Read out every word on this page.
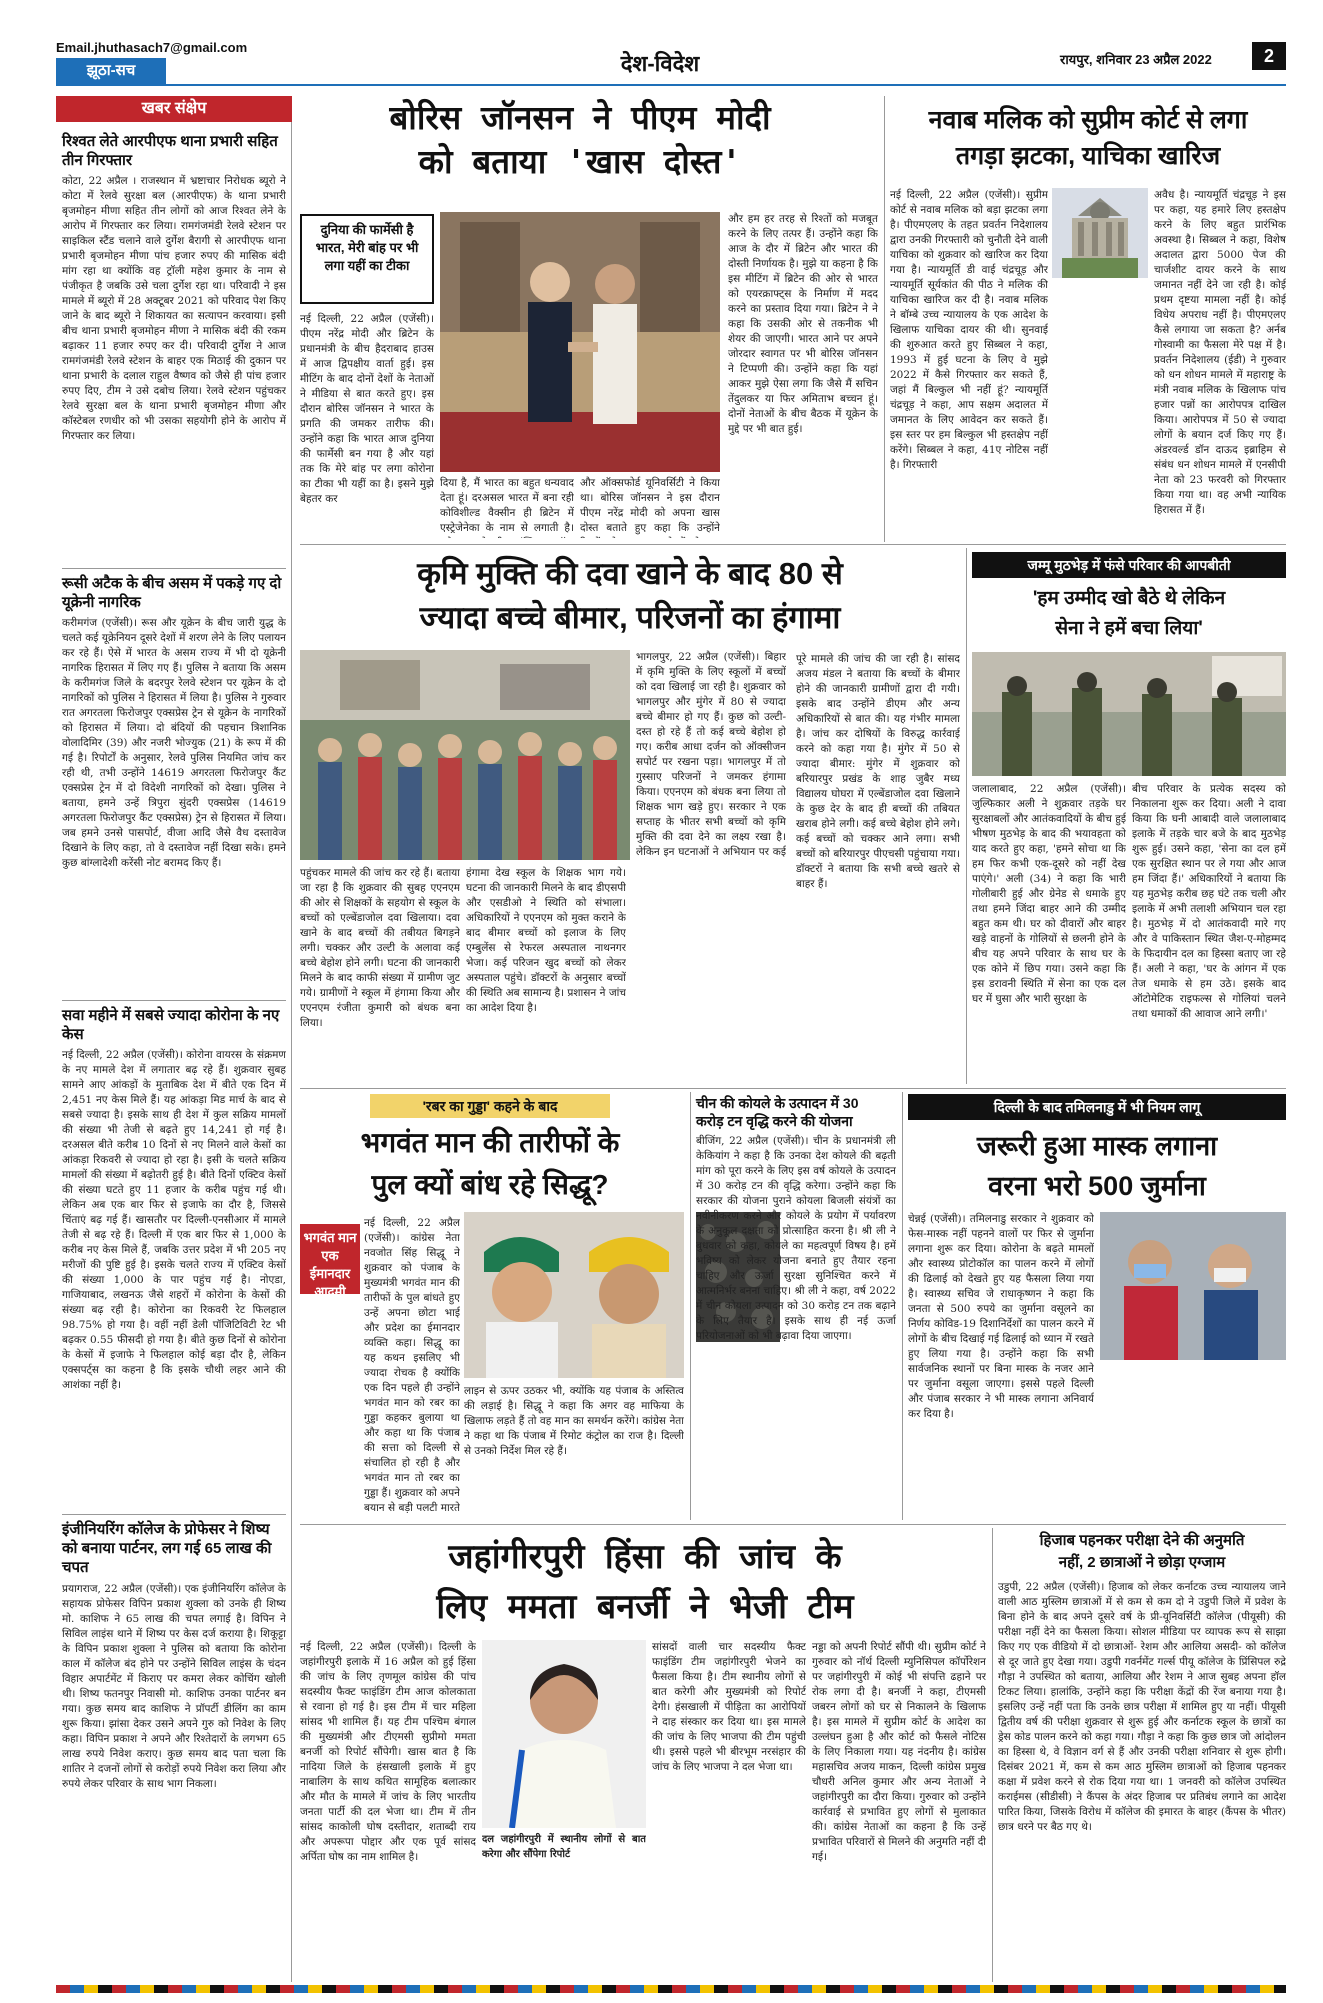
Email.jhuthasach7@gmail.com
झूठा-सच	देश-विदेश	रायपुर, शनिवार 23 अप्रैल 2022	2
खबर संक्षेप
रिश्वत लेते आरपीएफ थाना प्रभारी सहित तीन गिरफ्तार
कोटा, 22 अप्रैल । राजस्थान में भ्रष्टाचार निरोधक ब्यूरो ने कोटा में रेलवे सुरक्षा बल (आरपीएफ) के थाना प्रभारी बृजमोहन मीणा सहित तीन लोगों को आज रिश्वत लेने के आरोप में गिरफ्तार कर लिया। रामगंजमंडी रेलवे स्टेशन पर साइकिल स्टैंड चलाने वाले दुर्गेश बैरागी से आरपीएफ थाना प्रभारी बृजमोहन मीणा पांच हजार रुपए की मासिक बंदी मांग रहा था क्योंकि वह ट्रॉली महेश कुमार के नाम से पंजीकृत है जबकि उसे चला दुर्गेश रहा था। परिवादी ने इस मामले में ब्यूरो में 28 अक्टूबर 2021 को परिवाद पेश किए जाने के बाद ब्यूरो ने शिकायत का सत्यापन करवाया। इसी बीच थाना प्रभारी बृजमोहन मीणा ने मासिक बंदी की रकम बढ़ाकर 11 हजार रुपए कर दी। परिवादी दुर्गेश ने आज रामगंजमंडी रेलवे स्टेशन के बाहर एक मिठाई की दुकान पर थाना प्रभारी के दलाल राहुल वैष्णव को जैसे ही पांच हजार रुपए दिए, टीम ने उसे दबोच लिया। रेलवे स्टेशन पहुंचकर रेलवे सुरक्षा बल के थाना प्रभारी बृजमोहन मीणा और कॉस्टेबल रणधीर को भी उसका सहयोगी होने के आरोप में गिरफ्तार कर लिया।
रूसी अटैक के बीच असम में पकड़े गए दो यूक्रेनी नागरिक
करीमगंज (एजेंसी)। रूस और यूक्रेन के बीच जारी युद्ध के चलते कई यूक्रेनियन दूसरे देशों में शरण लेने के लिए पलायन कर रहे हैं। ऐसे में भारत के असम राज्य में भी दो यूक्रेनी नागरिक हिरासत में लिए गए हैं। पुलिस ने बताया कि असम के करीमगंज जिले के बदरपुर रेलवे स्टेशन पर यूक्रेन के दो नागरिकों को पुलिस ने हिरासत में लिया है। पुलिस ने गुरुवार रात अगरतला फिरोजपुर एक्सप्रेस ट्रेन से यूक्रेन के नागरिकों को हिरासत में लिया। दो बंदियों की पहचान त्रिशानिक वोलादिमिर (39) और नजरी भोज्युक (21) के रूप में की गई है। रिपोर्टों के अनुसार, रेलवे पुलिस नियमित जांच कर रही थी, तभी उन्होंने 14619 अगरतला फिरोजपुर कैंट एक्सप्रेस ट्रेन में दो विदेशी नागरिकों को देखा। पुलिस ने बताया, हमने उन्हें त्रिपुरा सुंदरी एक्सप्रेस (14619 अगरतला फिरोजपुर कैंट एक्सप्रेस) ट्रेन से हिरासत में लिया। जब हमने उनसे पासपोर्ट, वीजा आदि जैसे वैध दस्तावेज दिखाने के लिए कहा, तो वे दस्तावेज नहीं दिखा सके। हमने कुछ बांग्लादेशी करेंसी नोट बरामद किए हैं।
सवा महीने में सबसे ज्यादा कोरोना के नए केस
नई दिल्ली, 22 अप्रैल (एजेंसी)। कोरोना वायरस के संक्रमण के नए मामले देश में लगातार बढ़ रहे हैं। शुक्रवार सुबह सामने आए आंकड़ों के मुताबिक देश में बीते एक दिन में 2,451 नए केस मिले हैं। यह आंकड़ा मिड मार्च के बाद से सबसे ज्यादा है। इसके साथ ही देश में कुल सक्रिय मामलों की संख्या भी तेजी से बढ़ते हुए 14,241 हो गई है। दरअसल बीते करीब 10 दिनों से नए मिलने वाले केसों का आंकड़ा रिकवरी से ज्यादा हो रहा है। इसी के चलते सक्रिय मामलों की संख्या में बढ़ोतरी हुई है। बीते दिनों एक्टिव केसों की संख्या घटते हुए 11 हजार के करीब पहुंच गई थी। लेकिन अब एक बार फिर से इजाफे का दौर है, जिससे चिंताएं बढ़ गई हैं। खासतौर पर दिल्ली-एनसीआर में मामले तेजी से बढ़ रहे हैं। दिल्ली में एक बार फिर से 1,000 के करीब नए केस मिले हैं, जबकि उत्तर प्रदेश में भी 205 नए मरीजों की पुष्टि हुई है। इसके चलते राज्य में एक्टिव केसों की संख्या 1,000 के पार पहुंच गई है। नोएडा, गाजियाबाद, लखनऊ जैसे शहरों में कोरोना के केसों की संख्या बढ़ रही है। कोरोना का रिकवरी रेट फिलहाल 98.75% हो गया है। वहीं नहीं डेली पॉजिटिविटी रेट भी बढ़कर 0.55 फीसदी हो गया है। बीते कुछ दिनों से कोरोना के केसों में इजाफे ने फिलहाल कोई बड़ा दौर है, लेकिन एक्सपर्ट्स का कहना है कि इसके चौथी लहर आने की आशंका नहीं है।
इंजीनियरिंग कॉलेज के प्रोफेसर ने शिष्य को बनाया पार्टनर, लग गई 65 लाख की चपत
प्रयागराज, 22 अप्रैल (एजेंसी)। एक इंजीनियरिंग कॉलेज के सहायक प्रोफेसर विपिन प्रकाश शुक्ला को उनके ही शिष्य मो. काशिफ ने 65 लाख की चपत लगाई है। विपिन ने सिविल लाइंस थाने में शिष्य पर केस दर्ज कराया है। शिकूट्टा के विपिन प्रकाश शुक्ला ने पुलिस को बताया कि कोरोना काल में कॉलेज बंद होने पर उन्होंने सिविल लाइंस के चंदन विहार अपार्टमेंट में किराए पर कमरा लेकर कोचिंग खोली थी। शिष्य फतनपुर निवासी मो. काशिफ उनका पार्टनर बन गया। कुछ समय बाद काशिफ ने प्रॉपर्टी डीलिंग का काम शुरू किया। झांसा देकर उसने अपने गुरु को निवेश के लिए कहा। विपिन प्रकाश ने अपने और रिश्तेदारों के लगभग 65 लाख रुपये निवेश कराए। कुछ समय बाद पता चला कि शातिर ने दजनों लोगों से करोड़ों रुपये निवेश करा लिया और रुपये लेकर परिवार के साथ भाग निकला।
बोरिस जॉनसन ने पीएम मोदी
को बताया 'खास दोस्त'
दुनिया की फार्मेसी है भारत, मेरी बांह पर भी लगा यहीं का टीका
नई दिल्ली, 22 अप्रैल (एजेंसी)। पीएम नरेंद्र मोदी और ब्रिटेन के प्रधानमंत्री के बीच हैदराबाद हाउस में आज द्विपक्षीय वार्ता हुई। इस मीटिंग के बाद दोनों देशों के नेताओं ने मीडिया से बात करते हुए। इस दौरान बोरिस जॉनसन ने भारत के प्रगति की जमकर तारीफ की। उन्होंने कहा कि भारत आज दुनिया की फार्मेसी बन गया है और यहां तक कि मेरे बांह पर लगा कोरोना का टीका भी यहीं का है। इसने मुझे बेहतर कर
दिया है, मैं भारत का बहुत धन्यवाद देता हूं। दरअसल भारत में बना रही कोविशील्ड वैक्सीन ही ब्रिटेन में एस्ट्रेजेनेका के नाम से लगाती है।
और ऑक्सफोर्ड यूनिवर्सिटी ने किया था। बोरिस जॉनसन ने इस दौरान पीएम नरेंद्र मोदी को अपना खास दोस्त बताते हुए कहा कि उन्होंने
और हम हर तरह से रिश्तों को मजबूत करने के लिए तत्पर हैं। उन्होंने कहा कि आज के दौर में ब्रिटेन और भारत की दोस्ती निर्णायक है। मुझे या कहना है कि इस मीटिंग में ब्रिटेन की ओर से भारत को एयरक्राफ्ट्स के निर्माण में मदद करने का प्रस्ताव दिया गया। ब्रिटेन ने ने कहा कि उसकी ओर से तकनीक भी शेयर की जाएगी। भारत आने पर अपने जोरदार स्वागत पर भी बोरिस जॉनसन ने टिप्पणी की। उन्होंने कहा कि यहां आकर मुझे ऐसा लगा कि जैसे मैं सचिन तेंदुलकर या फिर अमिताभ बच्चन हूं। दोनों नेताओं के बीच बैठक में यूक्रेन के मुद्दे पर भी बात हुई।
नवाब मलिक को सुप्रीम कोर्ट से लगा
तगड़ा झटका, याचिका खारिज
नई दिल्ली, 22 अप्रैल (एजेंसी)। सुप्रीम कोर्ट से नवाब मलिक को बड़ा झटका लगा है। पीएमएलए के तहत प्रवर्तन निदेशालय द्वारा उनकी गिरफ्तारी को चुनौती देने वाली याचिका को शुक्रवार को खारिज कर दिया गया है। न्यायमूर्ति डी वाई चंद्रचूड़ और न्यायमूर्ति सूर्यकांत की पीठ ने मलिक की याचिका खारिज कर दी है। नवाब मलिक ने बॉम्बे उच्च न्यायालय के एक आदेश के खिलाफ याचिका दायर की थी। सुनवाई की शुरुआत करते हुए सिब्बल ने कहा, 1993 में हुई घटना के लिए वे मुझे 2022 में कैसे गिरफ्तार कर सकते हैं, जहां मैं बिल्कुल भी नहीं हूं? न्यायमूर्ति चंद्रचूड़ ने कहा, आप सक्षम अदालत में जमानत के लिए आवेदन कर सकते हैं। इस स्तर पर हम बिल्कुल भी हस्तक्षेप नहीं करेंगे। सिब्बल ने कहा, 41ए नोटिस नहीं है। गिरफ्तारी
अवैध है। न्यायमूर्ति चंद्रचूड़ ने इस पर कहा, यह हमारे लिए हस्तक्षेप करने के लिए बहुत प्रारंभिक अवस्था है। सिब्बल ने कहा, विशेष अदालत द्वारा 5000 पेज की चार्जशीट दायर करने के साथ जमानत नहीं देने जा रही है। कोई प्रथम दृष्टया मामला नहीं है। कोई विधेय अपराध नहीं है। पीएमएलए कैसे लगाया जा सकता है? अर्नब गोस्वामी का फैसला मेरे पक्ष में है। प्रवर्तन निदेशालय (ईडी) ने गुरुवार को धन शोधन मामले में महाराष्ट्र के मंत्री नवाब मलिक के खिलाफ पांच हजार पन्नों का आरोपपत्र दाखिल किया। आरोपपत्र में 50 से ज्यादा लोगों के बयान दर्ज किए गए हैं। अंडरवर्ल्ड डॉन दाऊद इब्राहिम से संबंध धन शोधन मामले में एनसीपी नेता को 23 फरवरी को गिरफ्तार किया गया था। वह अभी न्यायिक हिरासत में हैं।
कृमि मुक्ति की दवा खाने के बाद 80 से
ज्यादा बच्चे बीमार, परिजनों का हंगामा
भागलपुर, 22 अप्रैल (एजेंसी)। बिहार में कृमि मुक्ति के लिए स्कूलों में बच्चों को दवा खिलाई जा रही है। शुक्रवार को भागलपुर और मुंगेर में 80 से ज्यादा बच्चे बीमार हो गए हैं। कुछ को उल्टी-दस्त हो रहे हैं तो कई बच्चे बेहोश हो गए। करीब आधा दर्जन को ऑक्सीजन सपोर्ट पर रखना पड़ा। भागलपुर में तो गुस्साए परिजनों ने जमकर हंगामा किया। एएनएम को बंधक बना लिया तो शिक्षक भाग खड़े हुए। सरकार ने एक सप्ताह के भीतर सभी बच्चों को कृमि मुक्ति की दवा देने का लक्ष्य रखा है। लेकिन इन घटनाओं ने अभियान पर कई
पहुंचकर मामले की जांच कर रहे हैं। बताया जा रहा है कि शुक्रवार की सुबह एएनएम की ओर से शिक्षकों के सहयोग से स्कूल के बच्चों को एल्बेंडाजोल दवा खिलाया। दवा खाने के बाद बच्चों की तबीयत बिगड़ने लगी। चक्कर और उल्टी के अलावा कई बच्चे बेहोश होने लगी। घटना की जानकारी मिलने के बाद काफी संख्या में ग्रामीण जुट गये। ग्रामीणों ने स्कूल में हंगामा किया और एएनएम रंजीता कुमारी को बंधक बना लिया।
हंगामा देख स्कूल के शिक्षक भाग गये। घटना की जानकारी मिलने के बाद डीएसपी और एसडीओ ने स्थिति को संभाला। अधिकारियों ने एएनएम को मुक्त कराने के बाद बीमार बच्चों को इलाज के लिए एम्बुलेंस से रेफरल अस्पताल नाथनगर भेजा। कई परिजन खुद बच्चों को लेकर अस्पताल पहुंचे। डॉक्टरों के अनुसार बच्चों की स्थिति अब सामान्य है। प्रशासन ने जांच का आदेश दिया है।
पूरे मामले की जांच की जा रही है। सांसद अजय मंडल ने बताया कि बच्चों के बीमार होने की जानकारी ग्रामीणों द्वारा दी गयी। इसके बाद उन्होंने डीएम और अन्य अधिकारियों से बात की। यह गंभीर मामला है। जांच कर दोषियों के विरुद्ध कार्रवाई करने को कहा गया है। मुंगेर में 50 से ज्यादा बीमार: मुंगेर में शुक्रवार को बरियारपुर प्रखंड के शाह जुबैर मध्य विद्यालय घोघरा में एल्बेंडाजोल दवा खिलाने के कुछ देर के बाद ही बच्चों की तबियत खराब होने लगी। कई बच्चे बेहोश होने लगे। कई बच्चों को चक्कर आने लगा। सभी बच्चों को बरियारपुर पीएचसी पहुंचाया गया। डॉक्टरों ने बताया कि सभी बच्चे खतरे से बाहर हैं।
जम्मू मुठभेड़ में फंसे परिवार की आपबीती
'हम उम्मीद खो बैठे थे लेकिन
सेना ने हमें बचा लिया'
जलालाबाद, 22 अप्रैल (एजेंसी)। जुल्फिकार अली ने शुक्रवार तड़के घर सुरक्षाबलों और आतंकवादियों के बीच हुई भीषण मुठभेड़ के बाद की भयावहता को याद करते हुए कहा, 'हमने सोचा था कि हम फिर कभी एक-दूसरे को नहीं देख पाएंगे।' अली (34) ने कहा कि भारी गोलीबारी हुई और ग्रेनेड से धमाके हुए तथा हमने जिंदा बाहर आने की उम्मीद बहुत कम थी। घर को दीवारों और बाहर खड़े वाहनों के गोलियों से छलनी होने के बीच यह अपने परिवार के साथ घर के एक कोने में छिप गया। उसने कहा कि इस डरावनी स्थिति में सेना का एक दल घर में घुसा और भारी सुरक्षा के
बीच परिवार के प्रत्येक सदस्य को निकालना शुरू कर दिया। अली ने दावा किया कि घनी आबादी वाले जलालाबाद इलाके में तड़के चार बजे के बाद मुठभेड़ शुरू हुई। उसने कहा, 'सेना का दल हमें एक सुरक्षित स्थान पर ले गया और आज हम जिंदा हैं।' अधिकारियों ने बताया कि यह मुठभेड़ करीब छह घंटे तक चली और इलाके में अभी तलाशी अभियान चल रहा है। मुठभेड़ में दो आतंकवादी मारे गए और वे पाकिस्तान स्थित जैश-ए-मोहम्मद के फिदायीन दल का हिस्सा बताए जा रहे हैं। अली ने कहा, 'घर के आंगन में एक तेज धमाके से हम उठे। इसके बाद ऑटोमेटिक राइफल्स से गोलियां चलने तथा धमाकों की आवाज आने लगी।'
'रबर का गुड्डा' कहने के बाद
भगवंत मान की तारीफों के
पुल क्यों बांध रहे सिद्धू?
भगवंत मान एक ईमानदार आदमी
नई दिल्ली, 22 अप्रैल (एजेंसी)। कांग्रेस नेता नवजोत सिंह सिद्धू ने शुक्रवार को पंजाब के मुख्यमंत्री भगवंत मान की तारीफों के पुल बांधते हुए उन्हें अपना छोटा भाई और प्रदेश का ईमानदार व्यक्ति कहा। सिद्धू का यह कथन इसलिए भी ज्यादा रोचक है क्योंकि एक दिन पहले ही उन्होंने भगवंत मान को रबर का गुड्डा कहकर बुलाया था और कहा था कि पंजाब की सत्ता को दिल्ली से संचालित हो रही है और भगवंत मान तो रबर का गुड्डा हैं। शुक्रवार को अपने बयान से बड़ी पलटी मारते
लाइन से ऊपर उठकर भी, क्योंकि यह पंजाब के अस्तित्व की लड़ाई है। सिद्धू ने कहा कि अगर वह माफिया के खिलाफ लड़ते हैं तो वह मान का समर्थन करेंगे। कांग्रेस नेता ने कहा था कि पंजाब में रिमोट कंट्रोल का राज है। दिल्ली से उनको निर्देश मिल रहे हैं।
चीन की कोयले के उत्पादन में 30
करोड़ टन वृद्धि करने की योजना
बीजिंग, 22 अप्रैल (एजेंसी)। चीन के प्रधानमंत्री ली केकियांग ने कहा है कि उनका देश कोयले की बढ़ती मांग को पूरा करने के लिए इस वर्ष कोयले के उत्पादन में 30 करोड़ टन की वृद्धि करेगा। उन्होंने कहा कि सरकार की योजना पुराने कोयला बिजली संयंत्रों का नवीनीकरण करने और कोयले के प्रयोग में पर्यावरण के अनुकूल दक्षता को प्रोत्साहित करना है। श्री ली ने बुधवार को कहा, कोयले का महत्वपूर्ण विषय है। हमें भविष्य को लेकर योजना बनाते हुए तैयार रहना चाहिए और ऊर्जा सुरक्षा सुनिश्चित करने में आत्मनिर्भर बनना चाहिए। श्री ली ने कहा, वर्ष 2022 में चीन कोयला उत्पादन को 30 करोड़ टन तक बढ़ाने के लिए तैयार है। इसके साथ ही नई ऊर्जा परियोजनाओं को भी बढ़ावा दिया जाएगा।
दिल्ली के बाद तमिलनाडु में भी नियम लागू
जरूरी हुआ मास्क लगाना
वरना भरो 500 जुर्माना
चेन्नई (एजेंसी)। तमिलनाडु सरकार ने शुक्रवार को फेस-मास्क नहीं पहनने वालों पर फिर से जुर्माना लगाना शुरू कर दिया। कोरोना के बढ़ते मामलों और स्वास्थ्य प्रोटोकॉल का पालन करने में लोगों की ढिलाई को देखते हुए यह फैसला लिया गया है। स्वास्थ्य सचिव जे राधाकृष्णन ने कहा कि जनता से 500 रुपये का जुर्माना वसूलने का निर्णय कोविड-19 दिशानिर्देशों का पालन करने में लोगों के बीच दिखाई गई ढिलाई को ध्यान में रखते हुए लिया गया है। उन्होंने कहा कि सभी सार्वजनिक स्थानों पर बिना मास्क के नजर आने पर जुर्माना वसूला जाएगा। इससे पहले दिल्ली और पंजाब सरकार ने भी मास्क लगाना अनिवार्य कर दिया है।
जहांगीरपुरी हिंसा की जांच के
लिए ममता बनर्जी ने भेजी टीम
नई दिल्ली, 22 अप्रैल (एजेंसी)। दिल्ली के जहांगीरपुरी इलाके में 16 अप्रैल को हुई हिंसा की जांच के लिए तृणमूल कांग्रेस की पांच सदस्यीय फैक्ट फाइंडिंग टीम आज कोलकाता से रवाना हो गई है। इस टीम में चार महिला सांसद भी शामिल हैं। यह टीम पश्चिम बंगाल की मुख्यमंत्री और टीएमसी सुप्रीमो ममता बनर्जी को रिपोर्ट सौंपेगी। खास बात है कि नादिया जिले के हंसखाली इलाके में हुए नाबालिग के साथ कथित सामूहिक बलात्कार और मौत के मामले में जांच के लिए भारतीय जनता पार्टी की दल भेजा था। टीम में तीन सांसद काकोली घोष दस्तीदार, शताब्दी राय और अपरूपा पोद्दार और एक पूर्व सांसद अर्पिता घोष का नाम शामिल है।
दल जहांगीरपुरी में स्थानीय लोगों से बात करेगा और सौंपेगा रिपोर्ट
सांसदों वाली चार सदस्यीय फैक्ट फाइंडिंग टीम जहांगीरपुरी भेजने का फैसला किया है। टीम स्थानीय लोगों से बात करेगी और मुख्यमंत्री को रिपोर्ट देगी। हंसखाली में पीड़िता का आरोपियों ने दाह संस्कार कर दिया था। इस मामले की जांच के लिए भाजपा की टीम पहुंची थी। इससे पहले भी बीरभूम नरसंहार की जांच के लिए भाजपा ने दल भेजा था।
नड्डा को अपनी रिपोर्ट सौंपी थी। सुप्रीम कोर्ट ने गुरुवार को नॉर्थ दिल्ली म्युनिसिपल कॉर्पोरेशन पर जहांगीरपुरी में कोई भी संपत्ति ढहाने पर रोक लगा दी है। बनर्जी ने कहा, टीएमसी जबरन लोगों को घर से निकालने के खिलाफ है। इस मामले में सुप्रीम कोर्ट के आदेश का उल्लंघन हुआ है और कोर्ट को फैसले नोटिस के लिए निकाला गया। यह नंदनीय है। कांग्रेस महासचिव अजय माकन, दिल्ली कांग्रेस प्रमुख चौधरी अनिल कुमार और अन्य नेताओं ने जहांगीरपुरी का दौरा किया। गुरुवार को उन्होंने कार्रवाई से प्रभावित हुए लोगों से मुलाकात की। कांग्रेस नेताओं का कहना है कि उन्हें प्रभावित परिवारों से मिलने की अनुमति नहीं दी गई।
हिजाब पहनकर परीक्षा देने की अनुमति
नहीं, 2 छात्राओं ने छोड़ा एग्जाम
उडुपी, 22 अप्रैल (एजेंसी)। हिजाब को लेकर कर्नाटक उच्च न्यायालय जाने वाली आठ मुस्लिम छात्राओं में से कम से कम दो ने उडुपी जिले में प्रवेश के बिना होने के बाद अपने दूसरे वर्ष के प्री-यूनिवर्सिटी कॉलेज (पीयूसी) की परीक्षा नहीं देने का फैसला किया। सोशल मीडिया पर व्यापक रूप से साझा किए गए एक वीडियो में दो छात्राओं- रेशम और आलिया असदी- को कॉलेज से दूर जाते हुए देखा गया। उडुपी गवर्नमेंट गर्ल्स पीयू कॉलेज के प्रिंसिपल रुद्रे गौड़ा ने उपस्थित को बताया, आलिया और रेशम ने आज सुबह अपना हॉल टिकट लिया। हालांकि, उन्होंने कहा कि परीक्षा केंद्रों की रेंज बनाया गया है। इसलिए उन्हें नहीं पता कि उनके छात्र परीक्षा में शामिल हुए या नहीं। पीयूसी द्वितीय वर्ष की परीक्षा शुक्रवार से शुरू हुई और कर्नाटक स्कूल के छात्रों का ड्रेस कोड पालन करने को कहा गया। गौड़ा ने कहा कि कुछ छात्र जो आंदोलन का हिस्सा थे, वे विज्ञान वर्ग से हैं और उनकी परीक्षा शनिवार से शुरू होगी। दिसंबर 2021 में, कम से कम आठ मुस्लिम छात्राओं को हिजाब पहनकर कक्षा में प्रवेश करने से रोक दिया गया था। 1 जनवरी को कॉलेज उपस्थित कराईमस (सीडीसी) ने कैंपस के अंदर हिजाब पर प्रतिबंध लगाने का आदेश पारित किया, जिसके विरोध में कॉलेज की इमारत के बाहर (कैंपस के भीतर) छात्र धरने पर बैठ गए थे।
